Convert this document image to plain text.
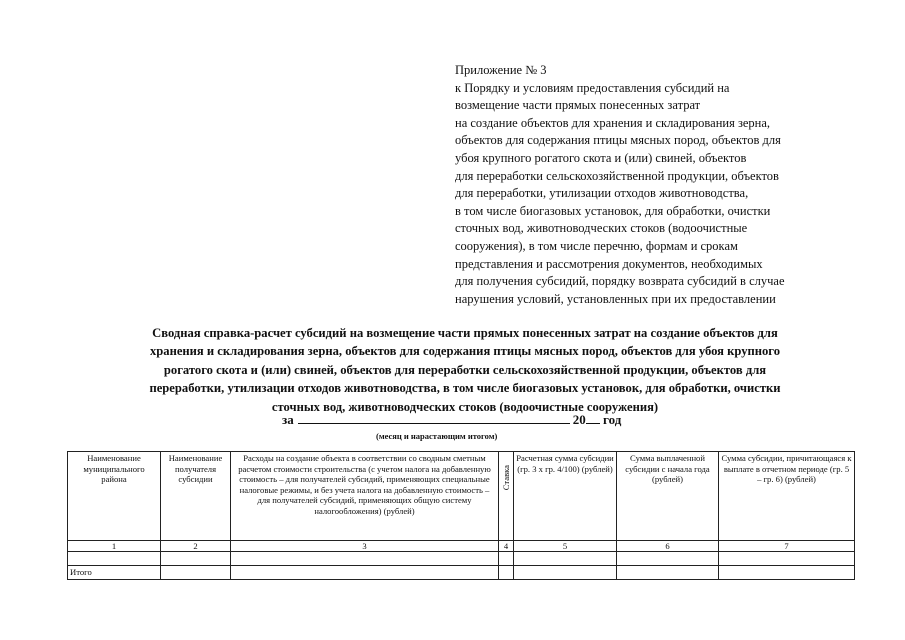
Приложение № 3
к Порядку и условиям предоставления субсидий на
возмещение части прямых понесенных затрат
на создание объектов для хранения и складирования зерна,
объектов для содержания птицы мясных пород, объектов для
убоя крупного рогатого скота и (или) свиней, объектов
для переработки сельскохозяйственной продукции, объектов
для переработки, утилизации отходов животноводства,
в том числе биогазовых установок, для обработки, очистки
сточных вод, животноводческих стоков (водоочистные
сооружения), в том числе перечню, формам и срокам
представления и рассмотрения документов, необходимых
для получения субсидий, порядку возврата субсидий в случае
нарушения условий, установленных при их предоставлении
Сводная справка-расчет субсидий на возмещение части прямых понесенных затрат на создание объектов для
хранения и складирования зерна, объектов для содержания птицы мясных пород, объектов для убоя крупного
рогатого скота и (или) свиней, объектов для переработки сельскохозяйственной продукции, объектов для
переработки, утилизации отходов животноводства, в том числе биогазовых установок, для обработки, очистки
сточных вод, животноводческих стоков (водоочистные сооружения)
за	20 год
(месяц и нарастающим итогом)
Наименование муниципального района	Наименование получателя субсидии	Расходы на создание объекта в соответствии со сводным сметным расчетом стоимости строительства (с учетом налога на добавленную стоимость – для получателей субсидий, применяющих специальные налоговые режимы, и без учета налога на добавленную стоимость – для получателей субсидий, применяющих общую систему налогообложения) (рублей)	Ставка	Расчетная сумма субсидии (гр. 3 х гр. 4/100) (рублей)	Сумма выплаченной субсидии с начала года (рублей)	Сумма субсидии, причитающаяся к выплате в отчетном периоде (гр. 5 – гр. 6) (рублей)
1	2	3	4	5	6	7

Итого						
